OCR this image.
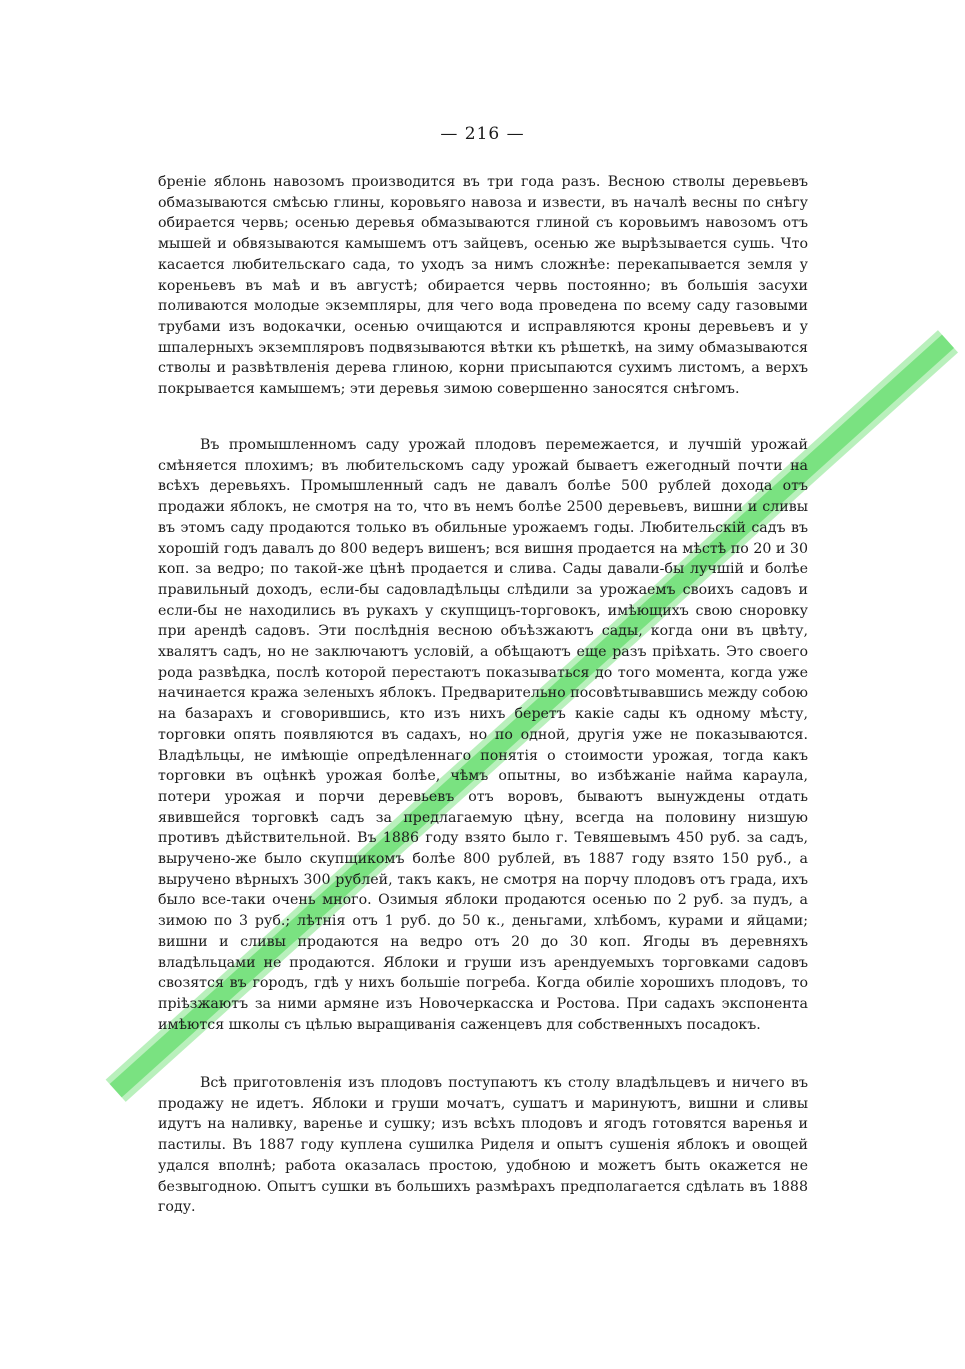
— 216 —

бреніе яблонь навозомъ производится въ три года разъ. Весною стволы деревьевъ обмазываются смѣсью глины, коровьяго навоза и извести, въ началѣ весны по снѣгу обирается червь; осенью деревья обмазываются глиной съ коровьимъ навозомъ отъ мышей и обвязываются камышемъ отъ зайцевъ, осенью же вырѣзывается сушь. Что касается любительскаго сада, то уходъ за нимъ сложнѣе: перекапывается земля у кореньевъ въ маѣ и въ августѣ; обирается червь постоянно; въ большія засухи поливаются молодые экземпляры, для чего вода проведена по всему саду газовыми трубами изъ водокачки, осенью очищаются и исправляются кроны деревьевъ и у шпалерныхъ экземпляровъ подвязываются вѣтки къ рѣшеткѣ, на зиму обмазываются стволы и развѣтвленія дерева глиною, корни присыпаются сухимъ листомъ, а верхъ покрывается камышемъ; эти деревья зимою совершенно заносятся снѣгомъ.

Въ промышленномъ саду урожай плодовъ перемежается, и лучшій урожай смѣняется плохимъ; въ любительскомъ саду урожай бываетъ ежегодный почти на всѣхъ деревьяхъ. Промышленный садъ не давалъ болѣе 500 рублей дохода отъ продажи яблокъ, не смотря на то, что въ немъ болѣе 2500 деревьевъ, вишни и сливы въ этомъ саду продаются только въ обильные урожаемъ годы. Любительскій садъ въ хорошій годъ давалъ до 800 ведеръ вишенъ; вся вишня продается на мѣстѣ по 20 и 30 коп. за ведро; по такой-же цѣнѣ продается и слива. Сады давали-бы лучшій и болѣе правильный доходъ, если-бы садовладѣльцы слѣдили за урожаемъ своихъ садовъ и если-бы не находились въ рукахъ у скупщицъ-торговокъ, имѣющихъ свою сноровку при арендѣ садовъ. Эти послѣднія весною объѣзжаютъ сады, когда они въ цвѣту, хвалятъ садъ, но не заключаютъ условій, а обѣщаютъ еще разъ пріѣхать. Это своего рода развѣдка, послѣ которой перестаютъ показываться до того момента, когда уже начинается кража зеленыхъ яблокъ. Предварительно посовѣтывавшись между собою на базарахъ и сговорившись, кто изъ нихъ беретъ какіе сады къ одному мѣсту, торговки опять появляются въ садахъ, но по одной, другія уже не показываются. Владѣльцы, не имѣющіе опредѣленнаго понятія о стоимости урожая, тогда какъ торговки въ оцѣнкѣ урожая болѣе, чѣмъ опытны, во избѣжаніе найма караула, потери урожая и порчи деревьевъ отъ воровъ, бываютъ вынуждены отдать явившейся торговкѣ садъ за предлагаемую цѣну, всегда на половину низшую противъ дѣйствительной. Въ 1886 году взято было г. Тевяшевымъ 450 руб. за садъ, выручено-же было скупщикомъ болѣе 800 рублей, въ 1887 году взято 150 руб., а выручено вѣрныхъ 300 рублей, такъ какъ, не смотря на порчу плодовъ отъ града, ихъ было все-таки очень много. Озимыя яблоки продаются осенью по 2 руб. за пудъ, а зимою по 3 руб.; лѣтнія отъ 1 руб. до 50 к., деньгами, хлѣбомъ, курами и яйцами; вишни и сливы продаются на ведро отъ 20 до 30 коп. Ягоды въ деревняхъ владѣльцами не продаются. Яблоки и груши изъ арендуемыхъ торговками садовъ свозятся въ городъ, гдѣ у нихъ большіе погреба. Когда обиліе хорошихъ плодовъ, то пріѣзжаютъ за ними армяне изъ Новочеркасска и Ростова. При садахъ экспонента имѣются школы съ цѣлью выращиванія саженцевъ для собственныхъ посадокъ.

Всѣ приготовленія изъ плодовъ поступаютъ къ столу владѣльцевъ и ничего въ продажу не идетъ. Яблоки и груши мочатъ, сушатъ и маринуютъ, вишни и сливы идутъ на наливку, варенье и сушку; изъ всѣхъ плодовъ и ягодъ готовятся варенья и пастилы. Въ 1887 году куплена сушилка Риделя и опытъ сушенія яблокъ и овощей удался вполнѣ; работа оказалась простою, удобною и можетъ быть окажется не безвыгодною. Опытъ сушки въ большихъ размѣрахъ предполагается сдѣлать въ 1888 году.
